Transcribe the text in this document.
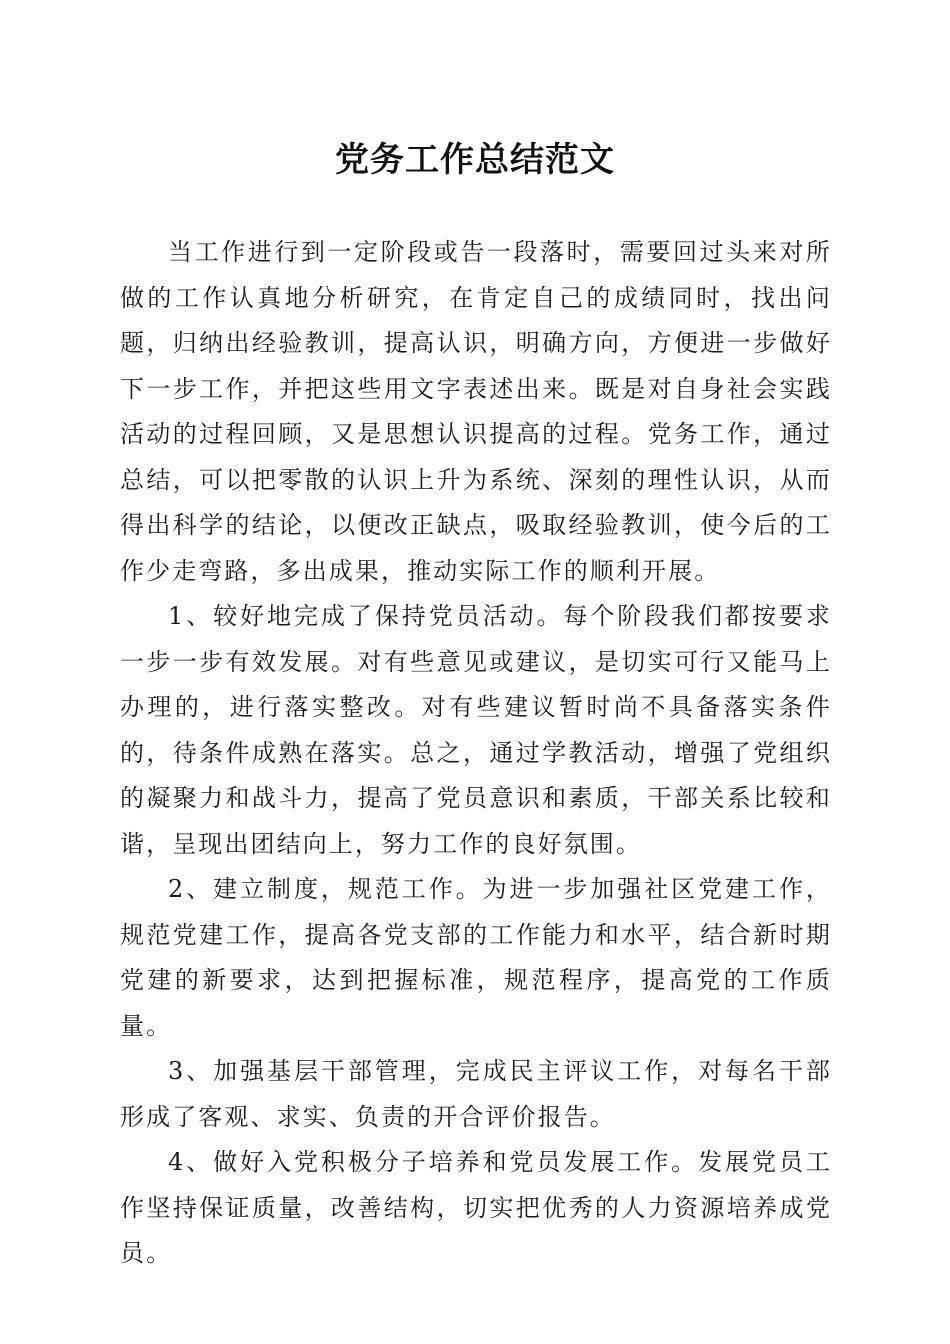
党务工作总结范文

当工作进行到一定阶段或告一段落时，需要回过头来对所做的工作认真地分析研究，在肯定自己的成绩同时，找出问题，归纳出经验教训，提高认识，明确方向，方便进一步做好下一步工作，并把这些用文字表述出来。既是对自身社会实践活动的过程回顾，又是思想认识提高的过程。党务工作，通过总结，可以把零散的认识上升为系统、深刻的理性认识，从而得出科学的结论，以便改正缺点，吸取经验教训，使今后的工作少走弯路，多出成果，推动实际工作的顺利开展。

1、较好地完成了保持党员活动。每个阶段我们都按要求一步一步有效发展。对有些意见或建议，是切实可行又能马上办理的，进行落实整改。对有些建议暂时尚不具备落实条件的，待条件成熟在落实。总之，通过学教活动，增强了党组织的凝聚力和战斗力，提高了党员意识和素质，干部关系比较和谐，呈现出团结向上，努力工作的良好氛围。

2、建立制度，规范工作。为进一步加强社区党建工作，规范党建工作，提高各党支部的工作能力和水平，结合新时期党建的新要求，达到把握标准，规范程序，提高党的工作质量。

3、加强基层干部管理，完成民主评议工作，对每名干部形成了客观、求实、负责的开合评价报告。

4、做好入党积极分子培养和党员发展工作。发展党员工作坚持保证质量，改善结构，切实把优秀的人力资源培养成党员。
